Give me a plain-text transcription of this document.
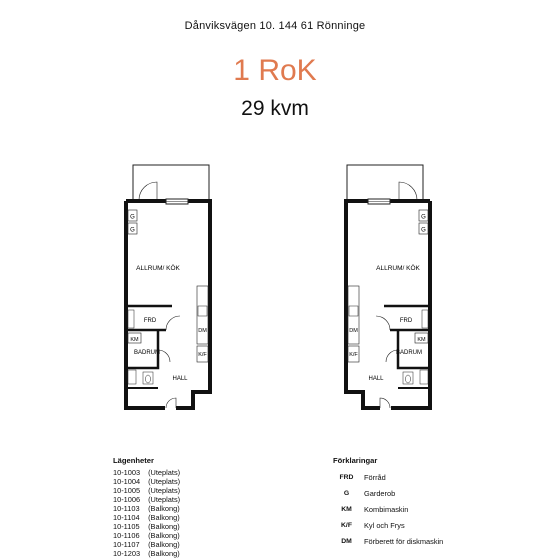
Dånviksvägen 10. 144 61 Rönninge
1 RoK
29 kvm
G
G
ALLRUM/ KÖK
DM
K/F
FRD
KM
BADRUM
HALL
G
G
ALLRUM/ KÖK
DM
K/F
FRD
KM
BADRUM
HALL
Lägenheter
10-1003 (Uteplats)
10-1004 (Uteplats)
10-1005 (Uteplats)
10-1006 (Uteplats)
10-1103 (Balkong)
10-1104 (Balkong)
10-1105 (Balkong)
10-1106 (Balkong)
10-1107 (Balkong)
10-1203 (Balkong)
Förklaringar
FRD	Förråd
G	Garderob
KM	Kombimaskin
K/F	Kyl och Frys
DM	Förberett för diskmaskin
